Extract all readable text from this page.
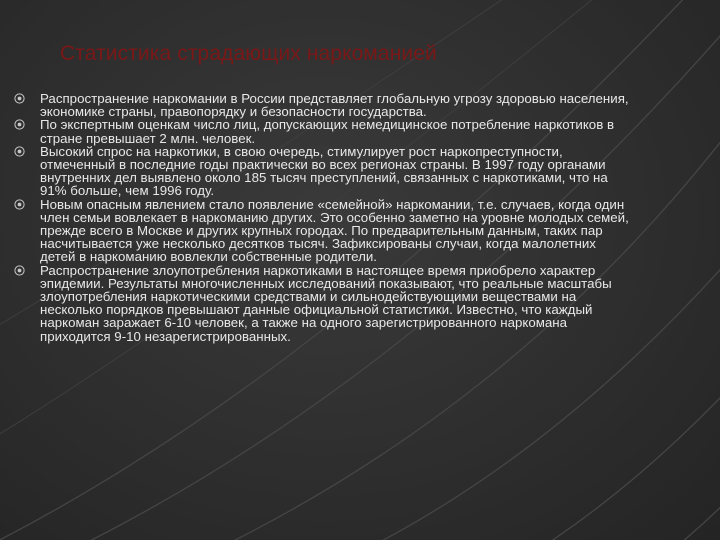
Статистика страдающих наркоманией
Распространение наркомании в России представляет глобальную угрозу здоровью населения, экономике страны, правопорядку и безопасности государства.
По экспертным оценкам число лиц, допускающих немедицинское потребление наркотиков в стране превышает 2 млн. человек.
Высокий спрос на наркотики, в свою очередь, стимулирует рост наркопреступности, отмеченный в последние годы практически во всех регионах страны. В 1997 году органами внутренних дел выявлено около 185 тысяч преступлений, связанных с наркотиками, что на 91% больше, чем 1996 году.
Новым опасным явлением стало появление «семейной» наркомании, т.е. случаев, когда один член семьи вовлекает в наркоманию других. Это особенно заметно на уровне молодых семей, прежде всего в Москве и других крупных городах. По предварительным данным, таких пар насчитывается уже несколько десятков тысяч. Зафиксированы случаи, когда малолетних детей в наркоманию вовлекли собственные родители.
Распространение злоупотребления наркотиками в настоящее время приобрело характер эпидемии. Результаты многочисленных исследований показывают, что реальные масштабы злоупотребления наркотическими средствами и сильнодействующими веществами на несколько порядков превышают данные официальной статистики. Известно, что каждый наркоман заражает 6-10 человек, а также на одного зарегистрированного наркомана приходится 9-10 незарегистрированных.
